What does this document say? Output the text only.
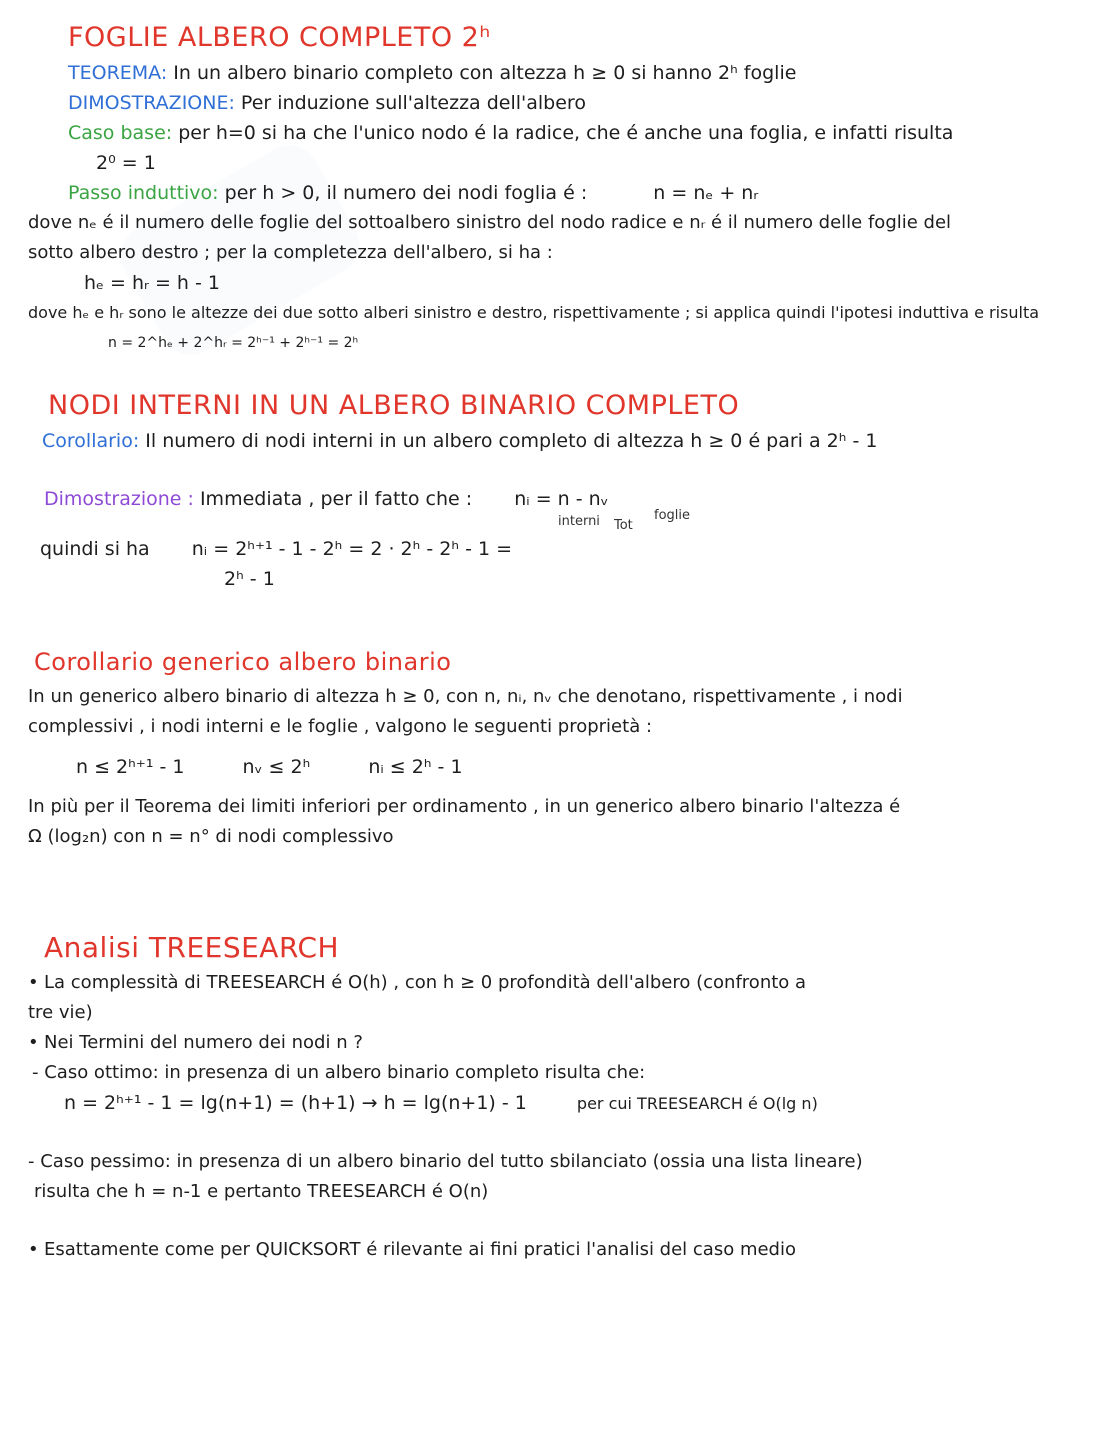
FOGLIE ALBERO COMPLETO 2ʰ
TEOREMA: In un albero binario completo con altezza h ≥ 0 si hanno 2ʰ foglie
DIMOSTRAZIONE: Per induzione sull'altezza dell'albero
Caso base: per h=0 si ha che l'unico nodo é la radice, che é anche una foglia, e infatti risulta
2⁰ = 1
Passo induttivo: per h > 0, il numero dei nodi foglia é :	n = nₑ + nᵣ
dove nₑ é il numero delle foglie del sottoalbero sinistro del nodo radice e nᵣ é il numero delle foglie del
sotto albero destro ; per la completezza dell'albero, si ha :
hₑ = hᵣ = h - 1
dove hₑ e hᵣ sono le altezze dei due sotto alberi sinistro e destro, rispettivamente ; si applica quindi l'ipotesi induttiva e risulta
n = 2^hₑ + 2^hᵣ = 2ʰ⁻¹ + 2ʰ⁻¹ = 2ʰ
NODI INTERNI IN UN ALBERO BINARIO COMPLETO
Corollario: Il numero di nodi interni in un albero completo di altezza h ≥ 0 é pari a 2ʰ - 1
Dimostrazione : Immediata , per il fatto che : nᵢ = n - nᵥ
interni Tot
foglie
quindi si ha nᵢ = 2ʰ⁺¹ - 1 - 2ʰ = 2 · 2ʰ - 2ʰ - 1 =
2ʰ - 1
Corollario generico albero binario
In un generico albero binario di altezza h ≥ 0, con n, nᵢ, nᵥ che denotano, rispettivamente , i nodi
complessivi , i nodi interni e le foglie , valgono le seguenti proprietà :
n ≤ 2ʰ⁺¹ - 1	nᵥ ≤ 2ʰ	nᵢ ≤ 2ʰ - 1
In più per il Teorema dei limiti inferiori per ordinamento , in un generico albero binario l'altezza é
Ω (log₂n) con n = n° di nodi complessivo
Analisi TREESEARCH
• La complessità di TREESEARCH é O(h) , con h ≥ 0 profondità dell'albero (confronto a
tre vie)
• Nei Termini del numero dei nodi n ?
- Caso ottimo: in presenza di un albero binario completo risulta che:
n = 2ʰ⁺¹ - 1 = lg(n+1) = (h+1) → h = lg(n+1) - 1	per cui TREESEARCH é O(lg n)
- Caso pessimo: in presenza di un albero binario del tutto sbilanciato (ossia una lista lineare)
risulta che h = n-1 e pertanto TREESEARCH é O(n)
• Esattamente come per QUICKSORT é rilevante ai fini pratici l'analisi del caso medio
